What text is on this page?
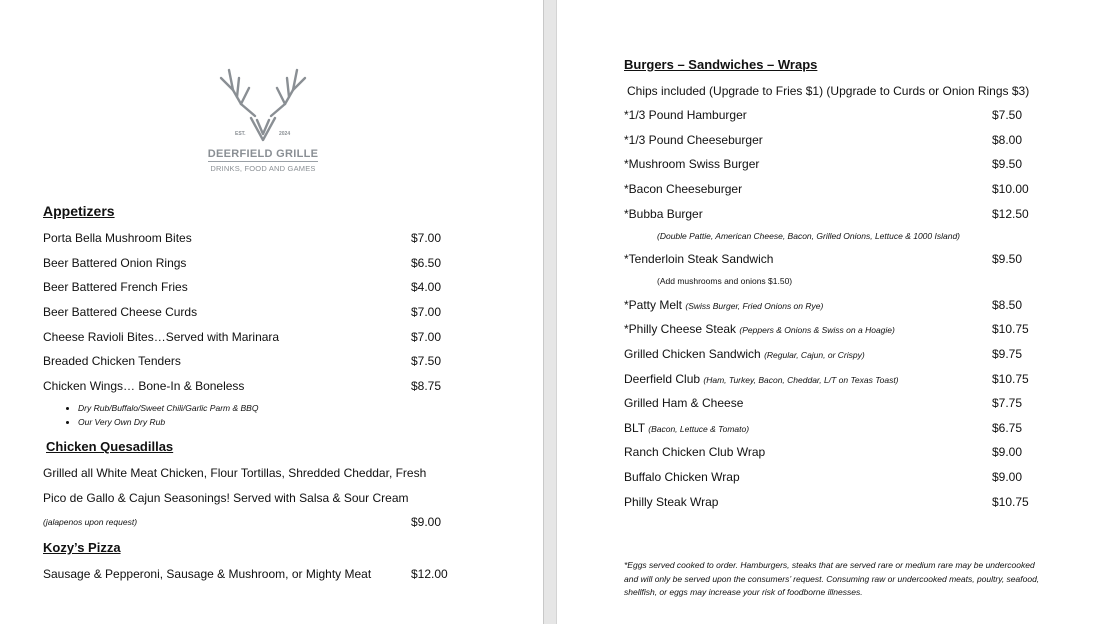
EST.	2024
DEERFIELD GRILLE
DRINKS, FOOD AND GAMES
Appetizers
Porta Bella Mushroom Bites	$7.00
Beer Battered Onion Rings	$6.50
Beer Battered French Fries	$4.00
Beer Battered Cheese Curds	$7.00
Cheese Ravioli Bites…Served with Marinara	$7.00
Breaded Chicken Tenders	$7.50
Chicken Wings… Bone-In & Boneless	$8.75
• Dry Rub/Buffalo/Sweet Chili/Garlic Parm & BBQ
• Our Very Own Dry Rub
Chicken Quesadillas
Grilled all White Meat Chicken, Flour Tortillas, Shredded Cheddar, Fresh
Pico de Gallo & Cajun Seasonings! Served with Salsa & Sour Cream
(jalapenos upon request)	$9.00
Kozy’s Pizza
Sausage & Pepperoni, Sausage & Mushroom, or Mighty Meat	$12.00
Burgers – Sandwiches – Wraps
Chips included (Upgrade to Fries $1) (Upgrade to Curds or Onion Rings $3)
*1/3 Pound Hamburger	$7.50
*1/3 Pound Cheeseburger	$8.00
*Mushroom Swiss Burger	$9.50
*Bacon Cheeseburger	$10.00
*Bubba Burger	$12.50
(Double Pattie, American Cheese, Bacon, Grilled Onions, Lettuce & 1000 Island)
*Tenderloin Steak Sandwich	$9.50
(Add mushrooms and onions $1.50)
*Patty Melt (Swiss Burger, Fried Onions on Rye)	$8.50
*Philly Cheese Steak (Peppers & Onions & Swiss on a Hoagie)	$10.75
Grilled Chicken Sandwich (Regular, Cajun, or Crispy)	$9.75
Deerfield Club (Ham, Turkey, Bacon, Cheddar, L/T on Texas Toast)	$10.75
Grilled Ham & Cheese	$7.75
BLT (Bacon, Lettuce & Tomato)	$6.75
Ranch Chicken Club Wrap	$9.00
Buffalo Chicken Wrap	$9.00
Philly Steak Wrap	$10.75
*Eggs served cooked to order. Hamburgers, steaks that are served rare or medium rare may be undercooked and will only be served upon the consumers’ request. Consuming raw or undercooked meats, poultry, seafood, shellfish, or eggs may increase your risk of foodborne illnesses.
